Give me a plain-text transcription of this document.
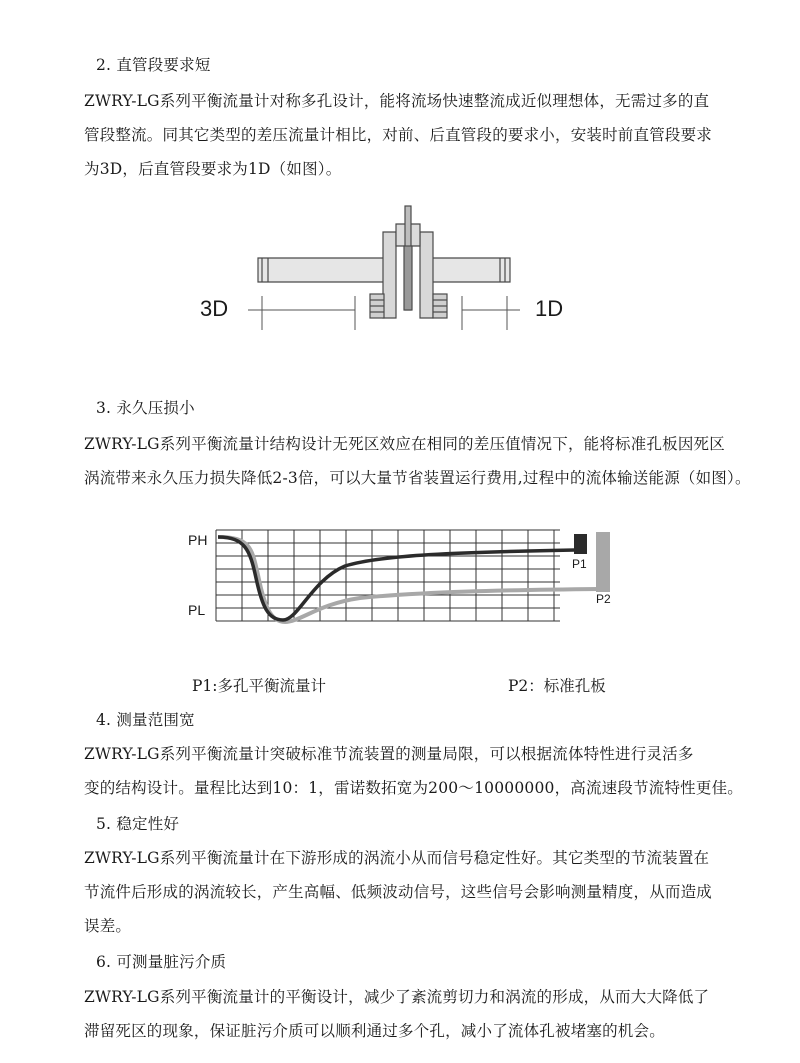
2. 直管段要求短
ZWRY-LG系列平衡流量计对称多孔设计，能将流场快速整流成近似理想体，无需过多的直
管段整流。同其它类型的差压流量计相比，对前、后直管段的要求小，安装时前直管段要求
为3D，后直管段要求为1D（如图）。
3D	1D
3. 永久压损小
ZWRY-LG系列平衡流量计结构设计无死区效应在相同的差压值情况下，能将标准孔板因死区
涡流带来永久压力损失降低2-3倍，可以大量节省装置运行费用,过程中的流体输送能源（如图）。
PH
PL
P1
P2
P1:多孔平衡流量计	P2：标准孔板
4. 测量范围宽
ZWRY-LG系列平衡流量计突破标准节流装置的测量局限，可以根据流体特性进行灵活多
变的结构设计。量程比达到10：1，雷诺数拓宽为200～10000000，高流速段节流特性更佳。
5. 稳定性好
ZWRY-LG系列平衡流量计在下游形成的涡流小从而信号稳定性好。其它类型的节流装置在
节流件后形成的涡流较长，产生高幅、低频波动信号，这些信号会影响测量精度，从而造成
误差。
6. 可测量脏污介质
ZWRY-LG系列平衡流量计的平衡设计，减少了紊流剪切力和涡流的形成，从而大大降低了
滞留死区的现象，保证脏污介质可以顺利通过多个孔，减小了流体孔被堵塞的机会。
